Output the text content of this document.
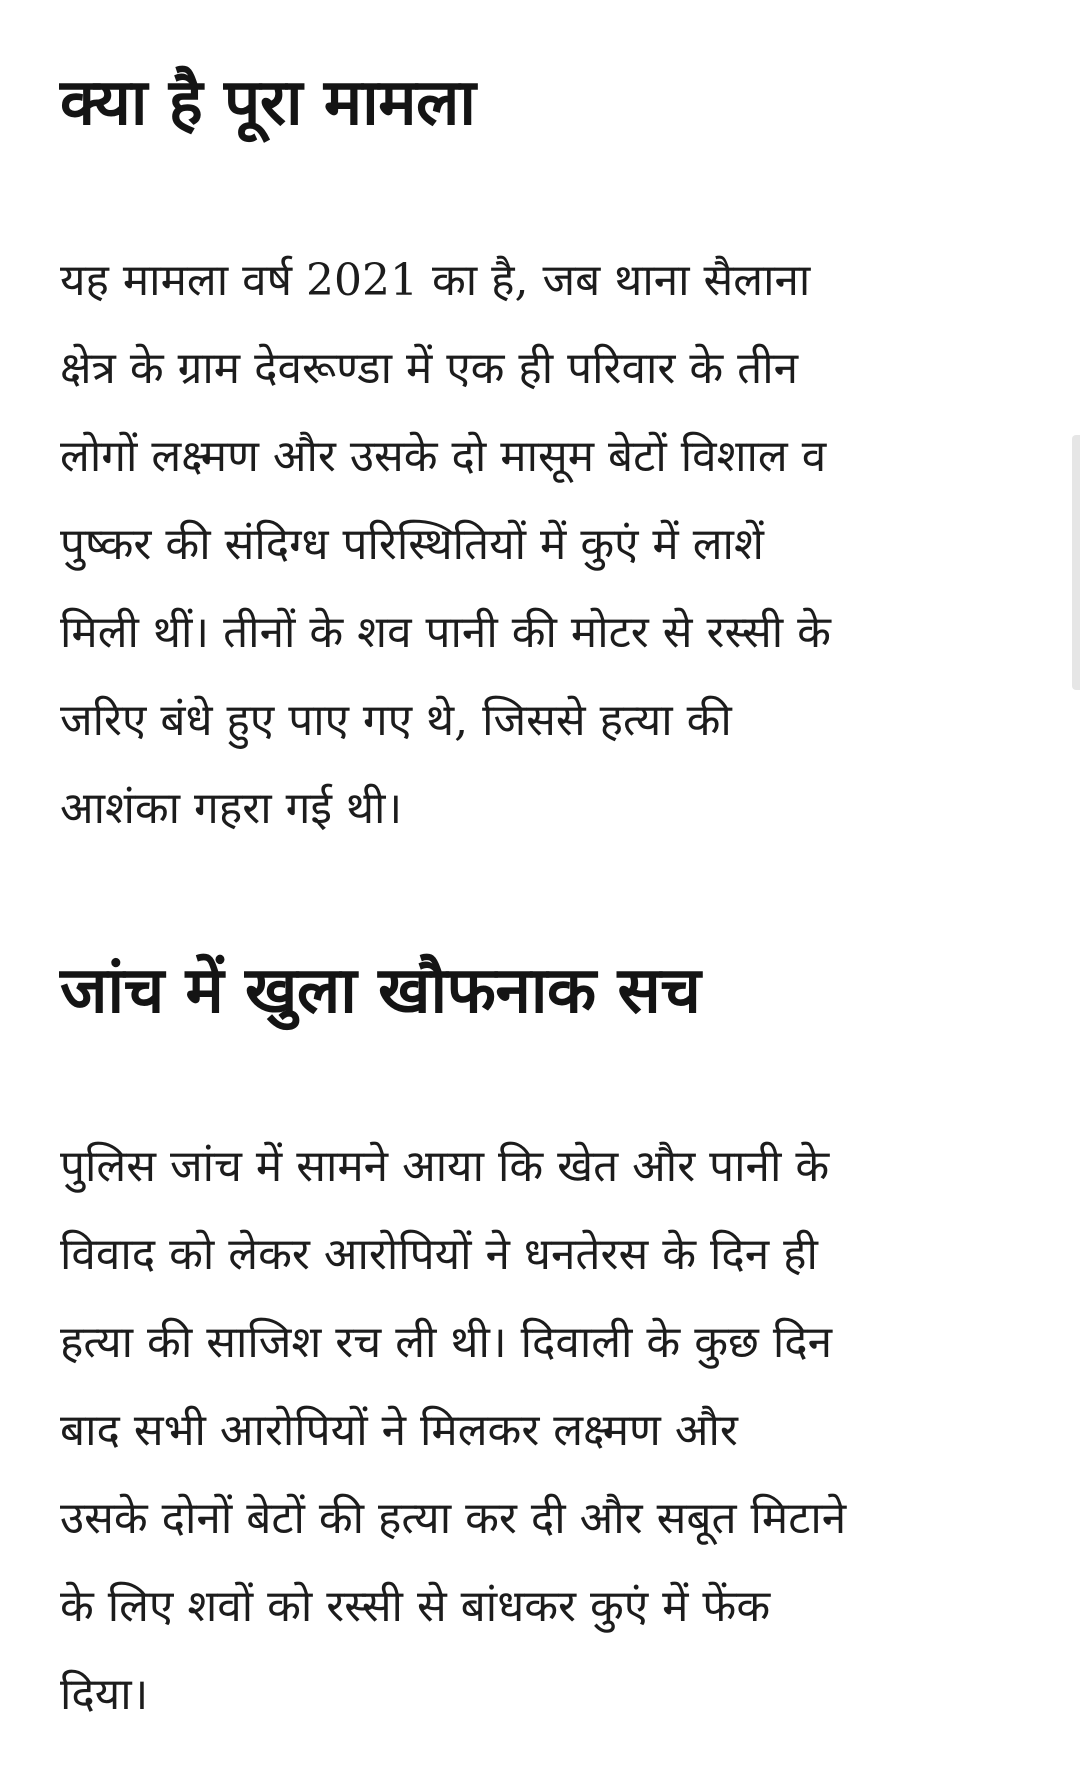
क्या है पूरा मामला

यह मामला वर्ष 2021 का है, जब थाना सैलाना
क्षेत्र के ग्राम देवरूण्डा में एक ही परिवार के तीन
लोगों लक्ष्मण और उसके दो मासूम बेटों विशाल व
पुष्कर की संदिग्ध परिस्थितियों में कुएं में लाशें
मिली थीं। तीनों के शव पानी की मोटर से रस्सी के
जरिए बंधे हुए पाए गए थे, जिससे हत्या की
आशंका गहरा गई थी।

जांच में खुला खौफनाक सच

पुलिस जांच में सामने आया कि खेत और पानी के
विवाद को लेकर आरोपियों ने धनतेरस के दिन ही
हत्या की साजिश रच ली थी। दिवाली के कुछ दिन
बाद सभी आरोपियों ने मिलकर लक्ष्मण और
उसके दोनों बेटों की हत्या कर दी और सबूत मिटाने
के लिए शवों को रस्सी से बांधकर कुएं में फेंक
दिया।
